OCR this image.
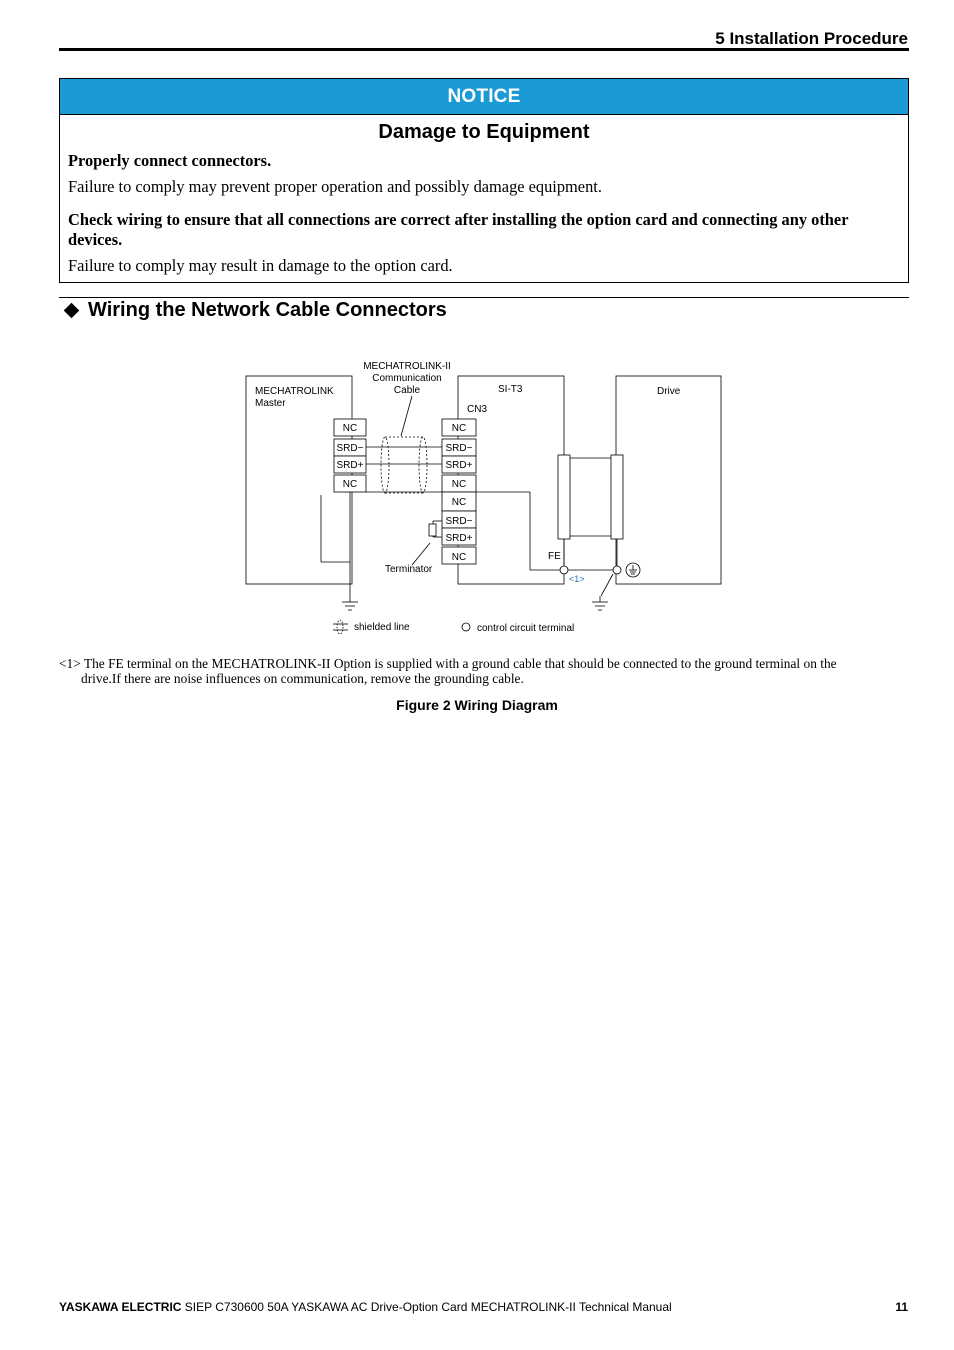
5 Installation Procedure
NOTICE
Damage to Equipment
Properly connect connectors.
Failure to comply may prevent proper operation and possibly damage equipment.
Check wiring to ensure that all connections are correct after installing the option card and connecting any other devices.
Failure to comply may result in damage to the option card.
Wiring the Network Cable Connectors
MECHATROLINK-II
Communication
Cable
MECHATROLINK
Master
NC
SRD−
SRD+
NC
SI-T3
CN3
NC
SRD−
SRD+
NC
NC
SRD−
SRD+
NC
Terminator
Drive
FE
<1>
shielded line	control circuit terminal
<1> The FE terminal on the MECHATROLINK-II Option is supplied with a ground cable that should be connected to the ground terminal on the
drive.If there are noise influences on communication, remove the grounding cable.
Figure 2 Wiring Diagram
YASKAWA ELECTRIC SIEP C730600 50A YASKAWA AC Drive-Option Card MECHATROLINK-II Technical Manual	11
